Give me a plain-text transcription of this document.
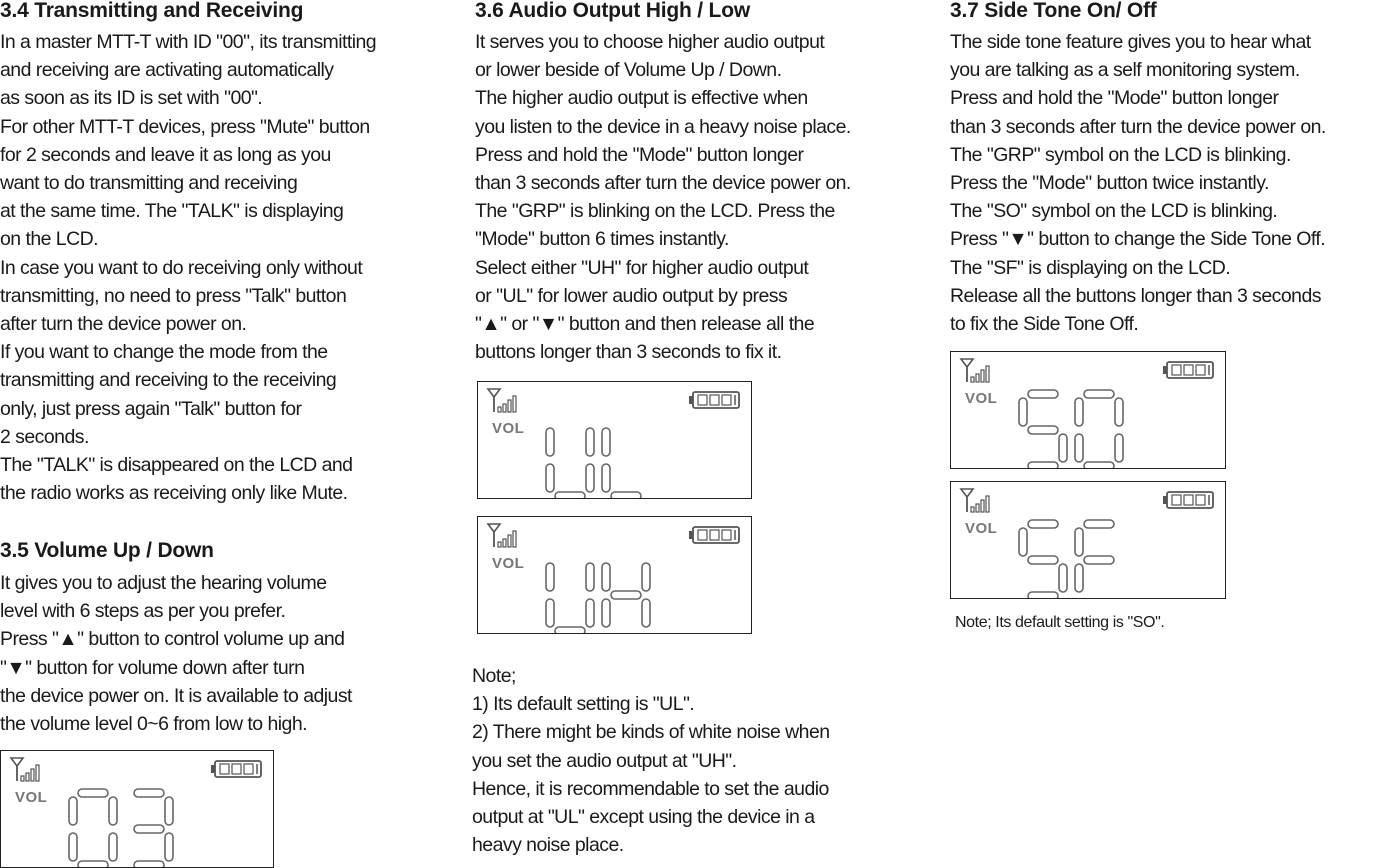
3.4 Transmitting and Receiving
In a master MTT-T with ID "00", its transmitting
and receiving are activating automatically
as soon as its ID is set with "00".
For other MTT-T devices, press "Mute" button
for 2 seconds and leave it as long as you
want to do transmitting and receiving
at the same time. The "TALK" is displaying
on the LCD.
In case you want to do receiving only without
transmitting, no need to press "Talk" button
after turn the device power on.
If you want to change the mode from the
transmitting and receiving to the receiving
only, just press again "Talk" button for
2 seconds.
The "TALK" is disappeared on the LCD and
the radio works as receiving only like Mute.
3.5 Volume Up / Down
It gives you to adjust the hearing volume
level with 6 steps as per you prefer.
Press "▲" button to control volume up and
"▼" button for volume down after turn
the device power on. It is available to adjust
the volume level 0~6 from low to high.
3.6 Audio Output High / Low
It serves you to choose higher audio output
or lower beside of Volume Up / Down.
The higher audio output is effective when
you listen to the device in a heavy noise place.
Press and hold the "Mode" button longer
than 3 seconds after turn the device power on.
The "GRP" is blinking on the LCD. Press the
"Mode" button 6 times instantly.
Select either "UH" for higher audio output
or "UL" for lower audio output by press
"▲" or "▼" button and then release all the
buttons longer than 3 seconds to fix it.
Note;
1) Its default setting is "UL".
2) There might be kinds of white noise when
you set the audio output at "UH".
Hence, it is recommendable to set the audio
output at "UL" except using the device in a
heavy noise place.
3.7 Side Tone On/ Off
The side tone feature gives you to hear what
you are talking as a self monitoring system.
Press and hold the "Mode" button longer
than 3 seconds after turn the device power on.
The "GRP" symbol on the LCD is blinking.
Press the "Mode" button twice instantly.
The "SO" symbol on the LCD is blinking.
Press "▼" button to change the Side Tone Off.
The "SF" is displaying on the LCD.
Release all the buttons longer than 3 seconds
to fix the Side Tone Off.
Note; Its default setting is "SO".
VOL
VOL
VOL
VOL
VOL
